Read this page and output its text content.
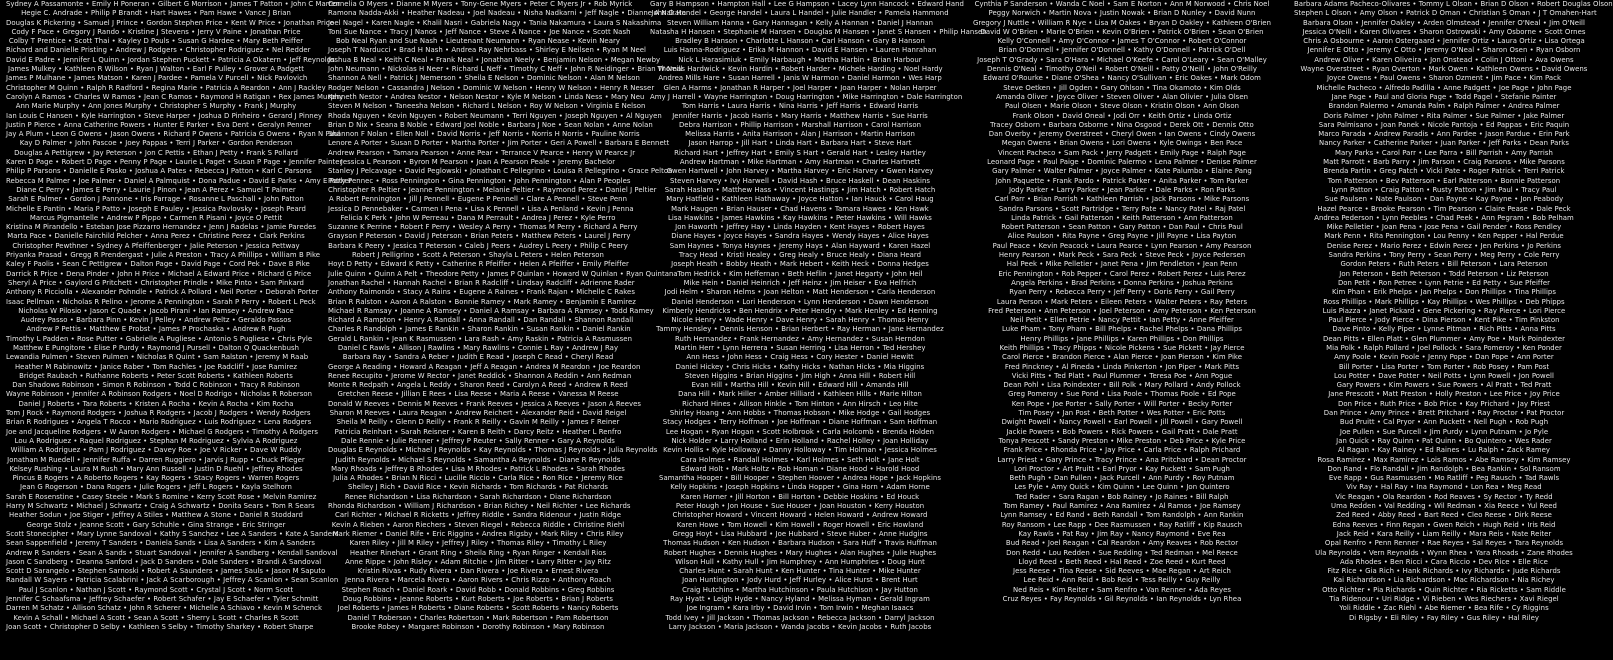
Sydney A Passamonte • Emily H Poneran • Gilbert G Morrison • James T Patton • John C Marren
Hegie C. Andrade • Philip P Brandt • Hart Hawes • Pam Hawe • Vance J Brian
Douglas K Pickering • Samuel J Prince • Gordon Stephen Price • Kent W Price • Jonathan Price
Cody F Pace • Gregory J Rando • Kristine J Stevens • Jerry V Paine • Jonathan Price
Colby T Prentice • Scott Thai • Kayley D Pouls • Susan G Hardee • Mary Beth Peiffer
Richard and Danielle Pristing • Andrew J Rodgers • Christopher Rodriguez • Nel Redder
David E Padre • Jennifer L Quinn • Jordan Stephen Puckett • Patricia A Okatern • Jeff Reynolds
James Mulkey • Kathleen R Wilson • Ryan J Walton • Earl F Pulley • Grover A Padgett
James P Mulhane • James Matson • Karen J Pardee • Pamela V Purcell • Nick Pavlovich
Christopher M Quinn • Ralph R Radford • Regina Marie • Patricia A Reardon • Ann J Rackley
Carolyn A Ramos • Charles W Ramos • Jean C Ramos • Raymond H Ratigan • Rex James Murphy
Ann Marie Murphy • Ann Jones Murphy • Christopher S Murphy • Frank J Murphy
Ian Louis C Hansen • Kyle Harrington • Steve Harper • Joshua D Pinheiro • Gerard J Pinney
Justin P Pierce • Anna Catherine Powers • Hunter E Parker • Eva Dent • Geralyn Penner
Jay A Plum • Leon G Owens • Jason Owens • Richard P Owens • Patricia G Owens • Ryan N Paul
Kay D Palmer • John Pascoe • Joey Pappas • Terri J Parker • Gordon Penderson
Douglas A Pettigrew • Jay Peterson • Jon C Pettis • Ethan J Petty • Frank S Pollard
Karen D Page • Robert D Page • Penny P Page • Laurie L Paget • Susan P Page • Jennifer Painter
Philip P Parsons • Danielle E Pasko • Joshua A Pates • Rebecca J Patton • Karl C Parsons
Rebecca M Palmer • Joe Palmer • Daniel A Palmquist • Dona Padue • David E Parks • Amy E Parker
Diane C Perry • James E Perry • Laurie J Pinon • Jean A Perez • Samuel T Palmer
Sarah E Palmer • Gordon J Pannone • Iris Parrage • Rosanne L Paschall • John Patton
Michelle E Pantin • Maria P Patto • Joseph E Pauley • Jessica Pavlovsky • Joseph Peard
Marcus Pigmantelle • Andrew P Pippo • Carmen R Pisani • Joyce O Pettit
Kristina M Pirandello • Esteban Jose Pizzarro Hernandez • Jenn J Radelas • Jamie Paredes
Marta Pace • Danielle Fairchild Pelcher • Anna Perez • Christine Perez • Clark Perkins
Christopher Pewthner • Sydney A Pfeiffenberger • Jalie Peterson • Jessica Pettway
Priyanka Prasad • Gregg R Prendergast • Julie A Preston • Tracy A Phillips • William B Pike
Kaley F Paolis • Sean C Pettigrew • Dalton Page • David Page • Cord Pek • Dave B Pike
Darrick R Price • Dena Pinder • John H Price • Michael A Edward Price • Richard G Price
Sheryl A Price • Gaylord G Pritchett • Christopher Prindle • Mike Pinto • Sam Pinkard
Anthony R Picciolla • Alexander Pohndle • Patrick A Pollard • Neil Porter • Deborah Porter
Isaac Pellman • Nicholas R Pelino • Jerome A Pennington • Sarah P Perry • Robert L Peck
Nicholas W Pilosio • Jason C Quade • Jacob Pirani • Ian Ramsey • Andrew Race
Audrey Passo • Barbara Pinn • Kevin J Pelley • Andrew Peltz • Geraldo Passos
Andrew P Pettis • Matthew E Probst • James P Prochaska • Andrew R Pugh
Timothy L Padden • Rose Putter • Gabrielle A Pugliese • Antonio S Pugliese • Chris Pyle
Matthew E Pungitore • Elise P Purdy • Raymond J Pursell • Dalton Q Quackenbush
Lewandia Pulmen • Steven Pulmen • Nicholas R Quint • Sam Ralston • Jeremy M Raab
Heather M Rabinowitz • Janice Raber • Tom Rachles • Joe Radcliff • Jose Ramirez
Bridget Raubach • Ruthanne Roberts • Peter Scott Roberts • Kathleen Roberts
Dan Shadows Robinson • Simon R Robinson • Todd C Robinson • Tracy R Robinson
Wayne Robinson • Jennifer A Robinson Rodgers • Noel D Rodrigo • Nicholas R Roberson
Daniel J Roberts • Tara Roberts • Kristen A Rocha • Kevin A Rocha • Kim Rocha
Tom J Rock • Raymond Rodgers • Joshua R Rodgers • Jacob J Rodgers • Wendy Rodgers
Brian R Rodrigues • Angela T Rocco • Mario Rodriguez • Luis Rodriguez • Lena Rodgers
Joe and Jacqueline Rodgers • W Aaron Rodgers • Michael G Rodgers • Timothy A Rodgers
Lou A Rodriguez • Raquel Rodriguez • Stephan M Rodriguez • Sylvia A Rodriguez
William A Rodriguez • Pam J Rodriguez • Davey Roe • Joe V Ricker • Dave W Ruddy
Jonathan M Ruedell • Jennifer Ruffa • Darren Ruggiero • Jarvis J Rupp • Chuck Pfleger
Kelsey Rushing • Laura M Rush • Mary Ann Russell • Justin D Ruehl • Jeffrey Rhodes
Pincus B Rogers • A Roberto Rogers • Kay Rogers • Stacy Rogers • Warren Rogers
Jean G Rogerson • Dana Rogers • Julie Rogers • Jeff L Rogers • Kayla Stelhorn
Sarah E Rosenstine • Casey Steele • Mark S Romine • Kerry Scott Rose • Melvin Ramirez
Harry M Schwartz • Michael J Schwartz • Craig A Schwartz • Donita Sears • Tom R Sears
Heather Sodun • Joe Stiger • Jeffrey A Stiles • Matthew A Stone • Daniel R Stoddard
George Stolz • Jeanne Scott • Gary Schuhle • Gina Strange • Eric Stringer
Scott Stonecipher • Mary Lynne Sandoval • Kathy S Sanchez • Lee A Sanders • Kate A Sanders
Sean Sappenfield • Jeremy T Sanders • Daniela Sands • Lisa A Sanders • Kim A Sanders
Andrew R Sanders • Sean A Sands • Stuart Sandoval • Jennifer A Sandberg • Kendall Sandoval
Jason C Sandberg • Deanna Sanford • Jack D Sanders • Dale Sanders • Brandi A Sandoval
Scott D Sarangelo • Stephen Sarnoski • Robert A Saunders • James Sauls • Jason M Saputo
Randall W Sayers • Patricia Scalabrini • Jack A Scarborough • Jeffrey A Scanlon • Sean Scanlon
Paul J Scanlon • Nathan J Scott • Raymond Scott • Crystal J Scott • Norm Scott
Jennifer C Schaafsma • Jeffrey Schaefer • Robert Schafer • Jay E Schaefer • Tyler Schmitt
Darren M Schatz • Allison Schatz • John R Scherer • Michelle A Schiavo • Kevin M Schenck
Kevin A Schall • Michael A Scott • Sean A Scott • Sherry L Scott • Charles R Scott
Joan Scott • Christopher D Selby • Kathleen S Selby • Timothy Sharkey • Robert Sharpe
Cornelia O Myers • Dianne M Myers • Tony-Gene Myers • Peter C Myers Jr • Rob Myrick
Ramona Nadda-Akki • Heather Nadeau • Joel Nadeau • Nisha Nadkarni • Jeff Nagle • Dianne A Nakata
Joel Nagel • Karen Nagle • Khalil Nasri • Gabriela Nagy • Tania Nakamura • Laura S Nakashima
Toni Sue Nance • Tracy J Nanos • Jeff Nance • Steve A Nance • Joe Nance • Scott Nash
Bob Neal Ryan and Sue Nash • Lieutenant Neumann • Ryan Nease • Kevin Neary
Joseph T Narducci • Brad H Nash • Andrea Ray Nehrbass • Shirley E Neilsen • Ryan M Neel
Joshua B Neal • Keith C Neal • Frank Neal • Jonathan Neely • Benjamin Nelson • Megan Newby
John Neumann • Nickolas H Neer • Richard L Neff • Timothy C Neff • John R Neidinger • Brian W Neill
Shannon A Nell • Patrick J Nemerson • Sheila E Nelson • Dominic Nelson • Alan M Nelson
Rodger Nelson • Cassandra J Nelson • Dominic W Nelson • Henry W Nelson • Henry R Nesser
Kenneth Nestor • Andrea Nestor • Nelson Nestor • Kyle M Nelson • Linda Ness • Mary Neu
Steven M Nelson • Taneesha Nelson • Richard L Nelson • Roy W Nelson • Virginia E Nelson
Rhoda Nguyen • Kevin Nguyen • Robert Neumann • Terri Nguyen • Joseph Nguyen • Al Nguyen
Brian D Nix • Seana B Noble • Edward Joel Noble • Barbara J Noe • Sean Nolan • Anne Nolan
Shannon F Nolan • Ellen Noll • David Norris • Jeff Norris • Norris H Norris • Pauline Norris
Lenore A Porter • Susan D Porter • Martha Porter • Jim Porter • Geri A Powell • Barbara E Bennett
Andrew Pearson • Tamara Pearson • Anne Pear • Terrance V Pearce • Henry W Pearce Jr
Jessica L Pearson • Byron M Pearson • Joan A Pearson Peale • Jeremy Bachelor
Stanley J Pelcavage • David Peglowski • Jonathan C Pellegrino • Louisa R Pellegrino • Grace Pelton
Patty Pennec • Ross Pennington • Gina Pennington • John Pennington • Alan P Peoples
Christopher R Peltier • Jeanne Pennington • Melanie Peltier • Raymond Perez • Daniel J Peltier
A Robert Pennington • Jill J Pennell • Eugene P Pennell • Clare A Pennell • Steve Penn
Jessica D Pennebaker • Carmen I Pena • Lisa K Pennell • Lisa A Penland • Kevin J Penna
Felicia K Perk • John W Perreau • Dana M Perrault • Andrea J Perez • Kyle Perro
Suzanne K Perrine • Robert F Perry • Wesley A Perry • Thomas M Perry • Richard A Perry
Grayson P Peterson • David J Peterson • Brian Peters • Matthew Peters • Laurel J Perry
Barbara K Peery • Jessica T Peterson • Caleb J Peers • Audrey L Peery • Philip C Peery
Robert J Pelligrino • Scott A Peterson • Shayla L Peters • Helen Peterson
Hoyt D Petty • Edward K Petty • Catherine R Pfeiffer • Helen A Pfeiffer • Emily Pfeiffer
Julie Quinn • Quinn A Pelt • Theodore Petty • James P Quinlan • Howard W Quinlan • Ryan Quintana
Jonathan Rachel • Hannah Rachel • Brian R Radcliff • Lindsay Radcliff • Adrienne Rader
Anthony Raimondo • Stacy A Rains • Eugene A Raines • Frank Rajan • Michelle C Rakes
Brian R Ralston • Aaron A Ralston • Bonnie Ramey • Mark Ramey • Benjamin E Ramirez
Michael R Ramsay • Joanne A Ramsey • Daniel A Ramsay • Barbara A Ramsey • Todd Ramey
Richard A Rampton • Henry A Randall • Anna Randall • Dan Randall • Shannon Randall
Charles R Randolph • James E Rankin • Sharon Rankin • Susan Rankin • Daniel Rankin
Gerald L Rankin • Jean K Rasmussen • Lara Rash • Amy Raskin • Patricia A Rasmussen
Daniel C Rawls • Allison J Rawlins • Mary Rawlins • Connie L Ray • Andrew J Ray
Barbara Ray • Sandra A Reber • Judith E Read • Joseph C Read • Cheryl Read
George A Reading • Howard A Reagan • Jeff A Reagan • Andrea M Reardon • Joe Reardon
Renee Recupito • Jerome W Rector • Janet Reddick • Shannon A Reddin • Ann Redman
Monte R Redpath • Angela L Reddy • Sharon Reed • Carolyn A Reed • Andrew R Reed
Gretchen Reese • Jillian E Rees • Lisa Reese • Maria A Reese • Vanessa M Reese
Donald W Reeves • Dennis M Reeves • Frank Reeves • Jessica A Reeves • Jason A Reeves
Sharon M Reeves • Laura Reagan • Andrew Reichert • Alexander Reid • David Reigel
Sheila M Reilly • Glenn D Reilly • Frank R Reilly • Gavin M Reilly • James F Reiner
Patricia Reinhart • Sarah Reisner • Karen B Reith • Darcy Reitz • Heather L Renfro
Dale Rennie • Julie Renner • Jeffrey P Reuter • Sally Renner • Gary A Reynolds
Douglas E Reynolds • Michael J Reynolds • Kay Reynolds • Thomas J Reynolds • Julia Reynolds
Judith Reynolds • Michael S Reynolds • Samantha A Reynolds • Diane R Reynolds
Mary Rhoads • Jeffrey B Rhodes • Lisa M Rhodes • Patrick L Rhodes • Sarah Rhodes
Julia A Rhodes • Brian N Ricci • Lucille Riccio • Carla Rice • Ron Rice • Jeremy Rice
Shelley J Rich • David Rice • Kevin Richards • Tom Richards • Pat Richards
Renee Richardson • Lisa Richardson • Sarah Richardson • Diane Richardson
Rhonda Richardson • William J Richardson • Brian Richey • Neil Richter • Lee Richards
Carl Richter • Michael R Ricketts • Jeffrey Riddle • Sandra Ridenour • Justin Ridge
Kevin A Rieben • Aaron Riechers • Steven Riegel • Rebecca Riddle • Christine Riehl
Mark Riemer • Daniel Rife • Eric Riggins • Andrea Rigsby • Mark Riley • Chris Riley
Karen Riley • Jill M Riley • Jeffrey J Riley • Thomas Riley • Timothy L Riley
Heather Rinehart • Grant Ring • Sheila Ring • Ryan Ringer • Kendall Rios
Anne Rippe • John Risley • Adam Ritchie • Jim Ritter • Larry Ritter • Jay Ritz
Kristin Rivas • Rudy Rivera • Dan Rivera • Joe Rivera • Ernest Rivera
Jenna Rivera • Marcela Rivera • Aaron Rivers • Chris Rizzo • Anthony Roach
Stephen Roach • Daniel Roark • David Robb • Donald Robbins • Greg Robbins
Doug Robbins • Jeanne Roberts • Kurt Roberts • Joe Roberts • Brian J Roberts
Joel Roberts • James H Roberts • Diane Roberts • Scott Roberts • Nancy Roberts
Daniel T Roberson • Charles Robertson • Mark Robertson • Pam Robertson
Brooke Robey • Margaret Robinson • Dorothy Robinson • Mary Robinson
Gary B Hampson • Hampton Hall • Lee G Hampson • Lacey Lynn Hancock • Edward Hand
John D Hendel • George Handel • Laura L Handel • Julie Handler • Pamela Hammond
Steven William Hanna • Gary Hannagan • Kelly A Hannan • Daniel J Hannan
Natasha H Hansen • Stephanie M Hansen • Douglas M Hansen • Janet S Hansen • Philip Hansen
Bradley B Hanson • Charlotte L Hanson • Carl Hanson • Gary B Hanson
Luis Hanna-Rodriguez • Erika M Hannon • David E Hansen • Lauren Hanrahan
Nick L Harasimiuk • Emily Harbaugh • Martha Harbin • Brian Harbour
Thomas Hardwick • Kevin Hardin • Robert Harder • Michele Harding • Noel Hardy
Andrea Mills Hare • Susan Harrell • Janis W Harmon • Daniel Harmon • Wes Harp
Glen A Harms • Jonathan R Harper • Joel Harper • Joan Harper • Nolan Harper
Amy J Harrell • Wayne Harrington • Doug Harrington • Mike Harrington • Dale Harrington
Tom Harris • Laura Harris • Nina Harris • Jeff Harris • Edward Harris
Jennifer Harris • Jacob Harris • Mary Harris • Matthew Harris • Sue Harris
Debra Harrison • Phillip Harrison • Marshall Harrison • Carol Harrison
Melissa Harris • Anita Harrison • Alan J Harrison • Martin Harrison
Jason Harrop • Jill Hart • Linda Hart • Barbara Hart • Steve Hart
Richard Hart • Jeffrey Hart • Emily S Hart • Gerald Hart • Lesley Hartley
Andrew Hartman • Mike Hartman • Amy Hartman • Charles Hartnett
Gwen Hartwell • John Harvey • Martha Harvey • Eric Harvey • Gwen Harvey
Steven Harvey • Ivy Harwell • David Hash • Bruce Haskell • Dean Haskins
Sarah Haslam • Matthew Hass • Vincent Hastings • Jim Hatch • Robert Hatch
Mary Hatfield • Kathleen Hathaway • Joyce Hatton • Ian Hauck • Carol Haug
Mark Haugen • Brian Hauser • Chad Havens • Tamara Hawes • Ken Hawk
Lisa Hawkins • James Hawkins • Kay Hawkins • Peter Hawkins • Will Hawks
Jon Haworth • Jeffrey Hay • Linda Hayden • Kent Hayes • Robert Hayes
Diane Hayes • Joyce Hayes • Sandra Hayes • Wendy Hayes • Alice Hayes
Sam Haynes • Tonya Haynes • Jeremy Hays • Alan Hayward • Karen Hazel
Tracy Head • Kristi Healey • Greg Healy • Bruce Healy • Diana Heard
Joseph Heath • Bobby Heath • Mark Hebert • Keith Heck • Donna Hedges
Tom Hedrick • Kim Heffernan • Beth Heflin • Janet Hegarty • John Heil
Mike Hein • Daniel Heinrich • Jeff Heinz • Jim Heiser • Eva Helfrich
Jodi Helm • Sharon Helms • Joan Helton • Matt Henderson • Carla Henderson
Daniel Henderson • Lori Henderson • Lynn Henderson • Dawn Henderson
Kimberly Hendricks • Ben Hendrix • Peter Hendry • Mark Henley • Ed Henning
Nicole Henry • Wade Henry • Dave Henry • Sarah Henry • Thomas Henry
Tammy Hensley • Dennis Henson • Brian Herbert • Ray Herman • Jane Hernandez
Ruth Hernandez • Frank Hernandez • Amy Hernandez • Susan Herndon
Martin Herr • Lynn Herrera • Susan Herring • Lisa Herron • Ted Hershey
Ann Hess • John Hess • Craig Hess • Cory Hester • Daniel Hewitt
Daniel Hickey • Chris Hicks • Kathy Hicks • Nathan Hicks • Mia Higgins
Steven Higgins • Brian Higgins • Jim High • Anna Hill • Robert Hill
Evan Hill • Martha Hill • Kevin Hill • Edward Hill • Amanda Hill
Dana Hill • Mark Hiller • Amber Hilliard • Kathleen Hills • Marie Hilton
Richard Hines • Allison Hinkle • Tom Hinton • Ann Hirsch • Leo Hite
Shirley Hoang • Ann Hobbs • Thomas Hobson • Mike Hodge • Gail Hodges
Stacy Hodges • Terry Hoffman • Joe Hoffman • Diane Hoffman • Sam Hoffman
Lee Hogan • Ryan Hogan • Scott Holbrook • Carla Holcomb • Brenda Holden
Nick Holder • Larry Holland • Erin Holland • Rachel Holley • Joan Holliday
Kevin Hollis • Kyle Holloway • Danny Holloway • Tim Holman • Jessica Holmes
Cara Holmes • Randall Holmes • Karl Holmes • Seth Holt • Jane Holt
Edward Holt • Mark Holtz • Rob Homan • Diane Hood • Harold Hood
Samantha Hooper • Bill Hooper • Stephen Hoover • Andrea Hope • Jack Hopkins
Kelly Hopkins • Joseph Hopkins • Linda Hopper • Gina Horn • Adam Horne
Karen Horner • Jill Horton • Bill Horton • Debbie Hoskins • Ed Houck
Peter Hough • Jon House • Sue Houser • Joan Houston • Kerry Houston
Christopher Howard • Vincent Howard • Helen Howard • Andrew Howard
Karen Howe • Tom Howell • Kim Howell • Roger Howell • Eric Howland
Gregg Hoyt • Lisa Hubbard • Joe Hubbard • Steve Huber • Anne Hudgins
Thomas Hudson • Ken Hudson • Barbara Hudson • Sara Huff • Travis Huffman
Robert Hughes • Dennis Hughes • Mary Hughes • Alan Hughes • Julie Hughes
Wilson Hull • Kathy Hull • Jim Humphrey • Ann Humphries • Doug Hunt
Charles Hunt • Sarah Hunt • Ken Hunter • Tina Hunter • Mike Hunter
Joan Huntington • Jody Hurd • Jeff Hurley • Alice Hurst • Brent Hurt
Craig Hutchins • Martha Hutchinson • Paula Hutchison • Jay Hutton
Ray Hyatt • Leigh Hyde • Nancy Hyland • Melissa Hyman • Gerald Ingram
Joe Ingram • Kara Irby • David Irvin • Tom Irwin • Meghan Isaacs
Todd Ivey • Jill Jackson • Thomas Jackson • Rebecca Jackson • Darryl Jackson
Larry Jackson • Maria Jackson • Wanda Jacobs • Kevin Jacobs • Ruth Jacobs
Cynthia P Sanderson • Wanda C Noel • Sam E Norton • Ann M Norwood • Chris Noel
Peggy Norwich • Martin Nova • Justin Nowak • Brian D Nunley • David Nunn
Gregory J Nuttle • William R Nye • Lisa M Oakes • Bryan D Oakley • Kathleen O'Brien
David W O'Brien • Marie O'Brien • Kevin O'Brien • Patrick O'Brien • Sean O'Brien
Kelly O'Connell • Amy O'Connor • James T O'Connor • Robert O'Connor
Brian O'Donnell • Jennifer O'Donnell • Kathy O'Donnell • Patrick O'Dell
Joseph T O'Grady • Sara O'Hara • Michael O'Keefe • Carol O'Leary • Sean O'Malley
Dennis O'Neal • Timothy O'Neil • Robert O'Neill • Patty O'Neill • John O'Reilly
Edward O'Rourke • Diane O'Shea • Nancy O'Sullivan • Eric Oakes • Mark Odom
Steve Oetken • Jill Ogden • Gary Ohlson • Tina Okamoto • Kim Olds
Amanda Oliver • Joyce Oliver • Steven Oliver • Alan Olivier • Julia Olsen
Paul Olsen • Marie Olson • Steve Olson • Kristin Olson • Ann Olson
Frank Olson • David Oneal • Jodi Orr • Keith Ortiz • Linda Ortiz
Tracey Osborn • Barbara Osborne • Nina Osgood • Derek Ott • Dennis Otto
Dan Overby • Jeremy Overstreet • Cheryl Owen • Ian Owens • Cindy Owens
Megan Owens • Brian Owens • Lori Owens • Kyle Owings • Ben Pace
Vincent Pacheco • Sam Pack • Jerry Padgett • Emily Page • Ralph Page
Leonard Page • Paul Paige • Dominic Palermo • Lena Palmer • Denise Palmer
Gary Palmer • Walter Palmer • Joyce Palmer • Kate Palumbo • Elaine Pang
John Paquette • Frank Pardo • Patrick Parker • Anita Parker • Tom Parker
Jody Parker • Larry Parker • Jean Parker • Dale Parks • Ron Parks
Carl Parr • Brian Parrish • Kathleen Parrish • Jack Parsons • Mike Parsons
Sandra Parsons • Scott Partridge • Terry Pate • Nancy Patel • Raj Patel
Linda Patrick • Gail Patterson • Keith Patterson • Ann Patterson
Robert Patterson • Sean Patton • Gary Patton • Dan Paul • Chris Paul
Alice Paulson • Rita Payne • Greg Payne • Jill Payne • Lisa Payton
Paul Peace • Kevin Peacock • Laura Pearce • Lynn Pearson • Amy Pearson
Henry Pearson • Mark Peck • Sara Peck • Steve Peck • Joyce Pedersen
Hal Peek • Mike Pelletier • Janet Pena • Jim Pendleton • Jean Penn
Eric Pennington • Rob Pepper • Carol Perez • Robert Perez • Luis Perez
Angela Perkins • Brad Perkins • Donna Perkins • Joshua Perkins
Ryan Perry • Rebecca Perry • Jeff Perry • Doris Perry • Gail Perry
Laura Person • Mark Peters • Eileen Peters • Walter Peters • Ray Peters
Fred Peterson • Ann Peterson • Joel Peterson • Amy Peterson • Ken Peterson
Neil Petit • Ellen Petrie • Nancy Pettit • Ian Petty • Anne Pfeiffer
Luke Pham • Tony Pham • Bill Phelps • Rachel Phelps • Dana Phillips
Henry Phillips • Jane Phillips • Karen Phillips • Don Phillips
Keith Phillips • Tracy Phipps • Nicole Pickens • Sue Pickett • Jay Pierce
Carol Pierce • Brandon Pierce • Alan Pierce • Joan Pierson • Kim Pike
Fred Pinckney • Al Pineda • Linda Pinkerton • Jon Piper • Mark Pitts
Vicki Pitts • Ted Platt • Paul Plummer • Teresa Poe • Ann Pogue
Dean Pohl • Lisa Poindexter • Bill Polk • Mary Pollard • Andy Pollock
Greg Pomeroy • Sue Pond • Lisa Poole • Thomas Poole • Ed Pope
Ken Pope • Joe Porter • Sally Porter • Will Porter • Becky Porter
Tim Posey • Jan Post • Beth Potter • Wes Potter • Eric Potts
Dwight Powell • Nancy Powell • Earl Powell • Jill Powell • Gary Powell
Jackie Powers • Bob Powers • Rick Powers • Gail Pratt • Dale Pratt
Tonya Prescott • Sandy Preston • Mike Preston • Deb Price • Kyle Price
Frank Price • Rhonda Price • Jay Price • Carla Price • Ralph Prichard
Larry Priest • Gary Prince • Tracy Prince • Ana Pritchard • Dean Proctor
Lori Proctor • Art Pruitt • Earl Pryor • Kay Puckett • Sam Pugh
Beth Pugh • Dan Pullen • Jack Purcell • Ann Purdy • Roy Putnam
Les Pyle • Amy Quick • Kim Quinn • Lee Quinn • Jon Quintero
Ted Rader • Sara Ragan • Bob Rainey • Jo Raines • Bill Ralph
Tom Ramey • Paul Ramirez • Ana Ramirez • Al Ramos • Joe Ramsey
Lynn Ramsey • Ed Rand • Beth Randall • Tom Randolph • Ann Rankin
Roy Ransom • Lee Rapp • Dee Rasmussen • Ray Ratliff • Kip Rausch
Kay Rawls • Pat Ray • Jim Ray • Nancy Raymond • Eve Rea
Bud Read • Joel Reagan • Cal Reardon • Amy Reaves • Rob Rector
Don Redd • Lou Redden • Sue Redding • Ted Redman • Mel Reece
Lloyd Reed • Beth Reed • Hal Reed • Zoe Reed • Kurt Reed
Jess Reese • Tina Reese • Sid Reeves • Mae Regan • Art Reich
Lee Reid • Ann Reid • Bob Reid • Tess Reilly • Guy Reilly
Ned Reis • Kim Reiter • Sam Renfro • Van Renner • Ada Reyes
Cruz Reyes • Fay Reynolds • Gil Reynolds • Ian Reynolds • Lyn Rhea
Barbara Adams Pacheco-Olivares • Tommy L Olson • Brian D Olson • Robert Douglas Olson
Stephen L Olson • Amy Olson • Patrick D Oman • Christian S Oman • J T Omahen-Hart
Barbara Olson • Jennifer Oakley • Arden Olmstead • Jennifer O'Neal • Jim O'Neill
Jessica O'Neill • Karen Olivares • Sharon Ostrowski • Amy Osborne • Scott Ornes
Chris A Osbourne • Aaron Ostergaard • Jennifer Ortiz • Laura Ortiz • Lisa Ortega
Jennifer E Otto • Jeremy C Otto • Jeremy O'Neal • Sharon Osen • Ryan Osborn
Andrew Oliver • Karen Oliveira • Jon Onstead • Colin J Ottoni • Ava Owens
Wayne Overstreet • Ryan Overton • Mark Owen • Kathleen Owens • David Owens
Joyce Owens • Paul Owens • Sharon Ozment • Jim Pace • Kim Pack
Michelle Pacheco • Alfredo Padilla • Anne Padgett • Joe Page • John Page
Jane Page • Paul and Gloria Page • Todd Pagel • Stefanie Painter
Brandon Palermo • Amanda Palm • Ralph Palmer • Andrea Palmer
Doris Palmer • John Palmer • Rita Palmer • Sue Palmer • Jake Palmer
Sara Palmisano • Joan Panek • Nicole Pantoja • Ed Pappas • Eric Paquin
Marco Parada • Andrew Paradis • Ann Pardee • Jason Pardue • Erin Park
Nancy Parker • Catherine Parker • Juan Parker • Jeff Parks • Dean Parks
Mary Parks • Carol Parr • Lee Parra • Bill Parrish • Amy Parrish
Matt Parrott • Barb Parry • Jim Parson • Craig Parsons • Mike Parsons
Brenda Partin • Greg Patch • Vicki Pate • Roger Patrick • Terri Patrick
Tom Patterson • Bev Patterson • Earl Patterson • Bonnie Patterson
Lynn Patton • Craig Patton • Rusty Patton • Jim Paul • Tracy Paul
Sue Paulsen • Nate Paulson • Dan Payne • Kay Payne • Jon Peabody
Hazel Pearce • Brooke Pearson • Tim Pearson • Claire Pease • Dale Peck
Andrea Pederson • Lynn Peebles • Chad Peek • Ann Pegram • Bob Pelham
Mike Pelletier • Joan Pena • Jose Pena • Gail Pender • Ross Pendley
Mark Penn • Rita Pennington • Lou Penny • Ken Pepper • Hal Perdue
Denise Perez • Mario Perez • Edwin Perez • Jen Perkins • Jo Perkins
Sandra Perkins • Tony Perry • Sean Perry • Meg Perry • Cole Perry
Gordon Peters • Ruth Peters • Bill Peterson • Lara Peterson
Jon Peterson • Beth Peterson • Todd Peterson • Liz Peterson
Don Petit • Ron Petree • Lynn Petrie • Ed Petty • Sue Pfeiffer
Kim Phan • Erik Phelps • Jan Phelps • Don Phillips • Tina Phillips
Ross Phillips • Mark Phillips • Kay Phillips • Wes Phillips • Deb Phipps
Luis Piazza • Janet Pickard • Gene Pickering • Ray Pierce • Lori Pierce
Paul Pierce • Jody Pierce • Dina Pierson • Kent Pike • Tim Pinkston
Dave Pinto • Kelly Piper • Lynne Pitman • Rich Pitts • Anna Pitts
Dean Pitts • Ellen Platt • Glen Plummer • Amy Poe • Mark Poindexter
Mia Polk • Ralph Pollard • Joel Pollock • Sara Pomeroy • Ken Ponder
Amy Poole • Kevin Poole • Jenny Pope • Dan Pope • Ann Porter
Bill Porter • Lisa Porter • Tom Porter • Rob Posey • Pam Post
Lou Potter • Dave Potter • Neil Potts • Lynn Powell • Jon Powell
Gary Powers • Kim Powers • Sue Powers • Al Pratt • Ted Pratt
Jane Prescott • Matt Preston • Holly Preston • Lee Price • Joy Price
Don Price • Ruth Price • Bob Price • Kay Prichard • Jay Priest
Dan Prince • Amy Prince • Brett Pritchard • Ray Proctor • Pat Proctor
Bud Pruitt • Cal Pryor • Ann Puckett • Nell Pugh • Rob Pugh
Joe Pullen • Sue Purcell • Jim Purdy • Lynn Putnam • Jo Pyle
Jan Quick • Ray Quinn • Pat Quinn • Bo Quintero • Wes Rader
Al Ragan • Kay Rainey • Ed Raines • Lu Ralph • Zack Ramey
Rosa Ramirez • Max Ramirez • Lois Ramos • Abe Ramsey • Kim Ramsey
Don Rand • Flo Randall • Jim Randolph • Bea Rankin • Sol Ransom
Eve Rapp • Gus Rasmussen • Mo Ratliff • Peg Rausch • Tad Rawls
Viv Ray • Hal Ray • Ina Raymond • Lon Rea • Meg Read
Vic Reagan • Ola Reardon • Rod Reaves • Sy Rector • Ty Redd
Uma Redden • Val Redding • Wil Redman • Xia Reece • Yul Reed
Zed Reed • Abby Reed • Bart Reed • Cleo Reese • Dirk Reese
Edna Reeves • Finn Regan • Gwen Reich • Hugh Reid • Iris Reid
Jack Reid • Kara Reilly • Liam Reilly • Mara Reis • Nate Reiter
Opal Renfro • Penn Renner • Rae Reyes • Sal Reyes • Tara Reynolds
Ula Reynolds • Vern Reynolds • Wynn Rhea • Yara Rhoads • Zane Rhodes
Ada Rhodes • Ben Ricci • Cara Riccio • Dev Rice • Elle Rice
Fitz Rice • Gia Rich • Hank Richards • Ivy Richards • Jude Richards
Kai Richardson • Lia Richardson • Mac Richardson • Nia Richey
Otto Richter • Pia Richards • Quin Richter • Ria Ricketts • Sam Riddle
Tia Ridenour • Uri Ridge • Vi Rieben • Wes Riechers • Xavi Riegel
Yoli Riddle • Zac Riehl • Abe Riemer • Bea Rife • Cy Riggins
Di Rigsby • Eli Riley • Fay Riley • Gus Riley • Hal Riley
